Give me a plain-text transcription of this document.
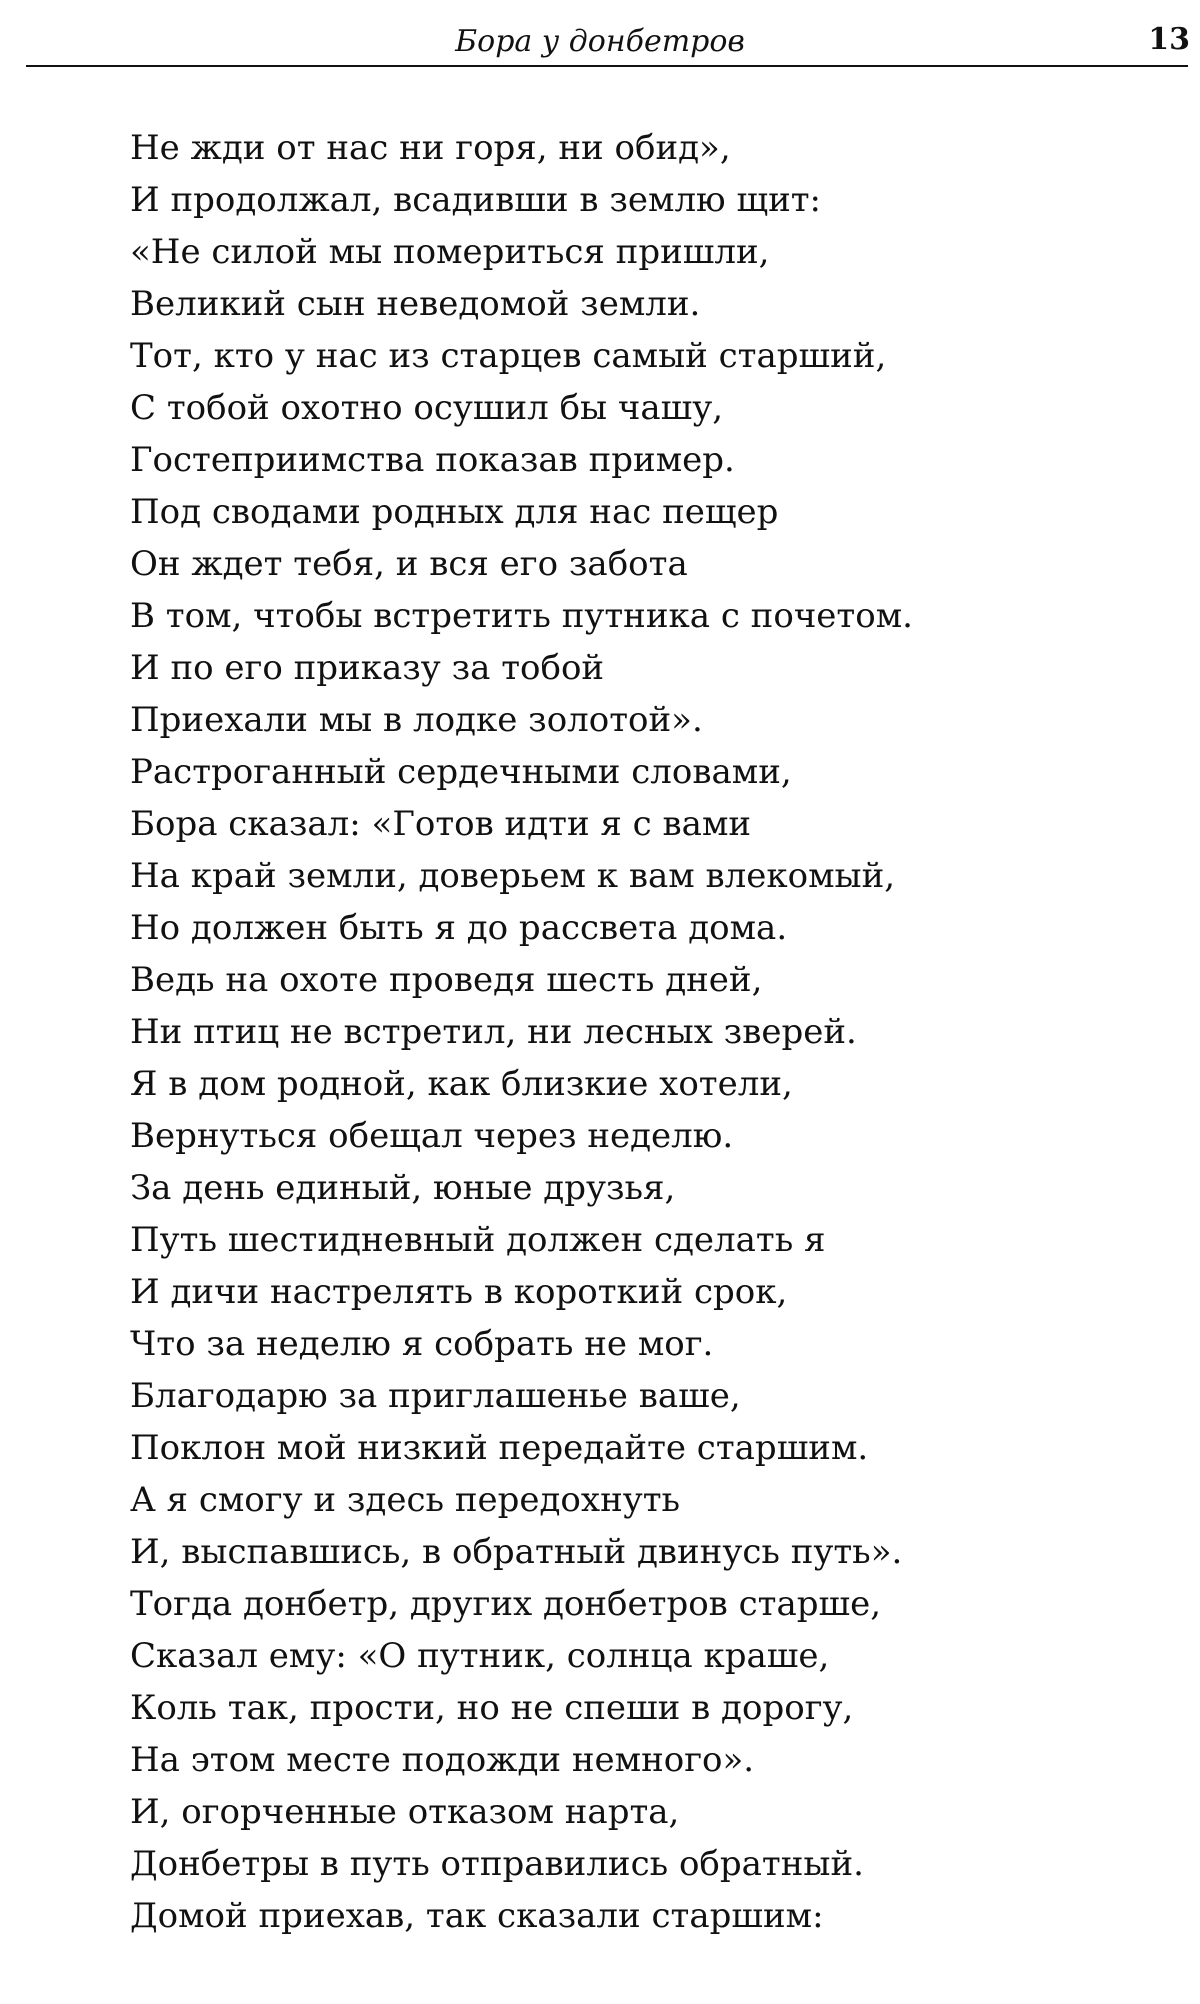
Бора у донбетров	13
Не жди от нас ни горя, ни обид»,
И продолжал, всадивши в землю щит:
«Не силой мы помериться пришли,
Великий сын неведомой земли.
Тот, кто у нас из старцев самый старший,
С тобой охотно осушил бы чашу,
Гостеприимства показав пример.
Под сводами родных для нас пещер
Он ждет тебя, и вся его забота
В том, чтобы встретить путника с почетом.
И по его приказу за тобой
Приехали мы в лодке золотой».
Растроганный сердечными словами,
Бора сказал: «Готов идти я с вами
На край земли, доверьем к вам влекомый,
Но должен быть я до рассвета дома.
Ведь на охоте проведя шесть дней,
Ни птиц не встретил, ни лесных зверей.
Я в дом родной, как близкие хотели,
Вернуться обещал через неделю.
За день единый, юные друзья,
Путь шестидневный должен сделать я
И дичи настрелять в короткий срок,
Что за неделю я собрать не мог.
Благодарю за приглашенье ваше,
Поклон мой низкий передайте старшим.
А я смогу и здесь передохнуть
И, выспавшись, в обратный двинусь путь».
Тогда донбетр, других донбетров старше,
Сказал ему: «О путник, солнца краше,
Коль так, прости, но не спеши в дорогу,
На этом месте подожди немного».
И, огорченные отказом нарта,
Донбетры в путь отправились обратный.
Домой приехав, так сказали старшим:
